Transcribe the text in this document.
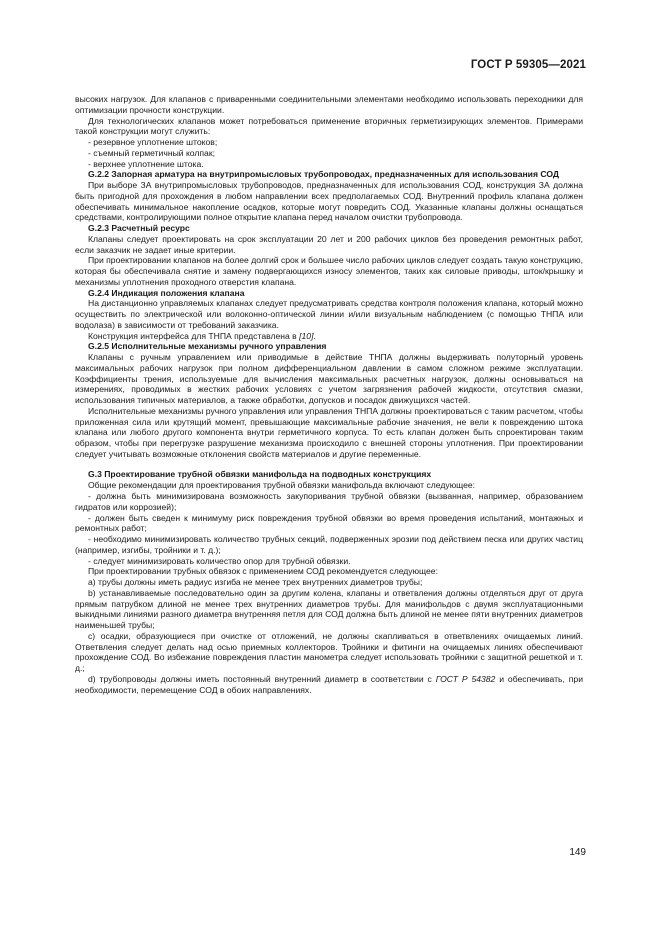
ГОСТ Р 59305—2021

высоких нагрузок. Для клапанов с приваренными соединительными элементами необходимо использовать переходники для оптимизации прочности конструкции.

Для технологических клапанов может потребоваться применение вторичных герметизирующих элементов. Примерами такой конструкции могут служить:

- резервное уплотнение штоков;

- съемный герметичный колпак;

- верхнее уплотнение штока.

G.2.2 Запорная арматура на внутрипромысловых трубопроводах, предназначенных для использования СОД

При выборе ЗА внутрипромысловых трубопроводов, предназначенных для использования СОД, конструкция ЗА должна быть пригодной для прохождения в любом направлении всех предполагаемых СОД. Внутренний профиль клапана должен обеспечивать минимальное накопление осадков, которые могут повредить СОД. Указанные клапаны должны оснащаться средствами, контролирующими полное открытие клапана перед началом очистки трубопровода.

G.2.3 Расчетный ресурс

Клапаны следует проектировать на срок эксплуатации 20 лет и 200 рабочих циклов без проведения ремонтных работ, если заказчик не задает иные критерии.

При проектировании клапанов на более долгий срок и большее число рабочих циклов следует создать такую конструкцию, которая бы обеспечивала снятие и замену подвергающихся износу элементов, таких как силовые приводы, шток/крышку и механизмы уплотнения проходного отверстия клапана.

G.2.4 Индикация положения клапана

На дистанционно управляемых клапанах следует предусматривать средства контроля положения клапана, который можно осуществить по электрической или волоконно-оптической линии и/или визуальным наблюдением (с помощью ТНПА или водолаза) в зависимости от требований заказчика.

Конструкция интерфейса для ТНПА представлена в [10].

G.2.5 Исполнительные механизмы ручного управления

Клапаны с ручным управлением или приводимые в действие ТНПА должны выдерживать полуторный уровень максимальных рабочих нагрузок при полном дифференциальном давлении в самом сложном режиме эксплуатации. Коэффициенты трения, используемые для вычисления максимальных расчетных нагрузок, должны основываться на измерениях, проводимых в жестких рабочих условиях с учетом загрязнения рабочей жидкости, отсутствия смазки, использования типичных материалов, а также обработки, допусков и посадок движущихся частей.

Исполнительные механизмы ручного управления или управления ТНПА должны проектироваться с таким расчетом, чтобы приложенная сила или крутящий момент, превышающие максимальные рабочие значения, не вели к повреждению штока клапана или любого другого компонента внутри герметичного корпуса. То есть клапан должен быть спроектирован таким образом, чтобы при перегрузке разрушение механизма происходило с внешней стороны уплотнения. При проектировании следует учитывать возможные отклонения свойств материалов и другие переменные.

G.3 Проектирование трубной обвязки манифольда на подводных конструкциях

Общие рекомендации для проектирования трубной обвязки манифольда включают следующее:

- должна быть минимизирована возможность закупоривания трубной обвязки (вызванная, например, образованием гидратов или коррозией);

- должен быть сведен к минимуму риск повреждения трубной обвязки во время проведения испытаний, монтажных и ремонтных работ;

- необходимо минимизировать количество трубных секций, подверженных эрозии под действием песка или других частиц (например, изгибы, тройники и т. д.);

- следует минимизировать количество опор для трубной обвязки.

При проектировании трубных обвязок с применением СОД рекомендуется следующее:

а) трубы должны иметь радиус изгиба не менее трех внутренних диаметров трубы;

b) устанавливаемые последовательно один за другим колена, клапаны и ответвления должны отделяться друг от друга прямым патрубком длиной не менее трех внутренних диаметров трубы. Для манифольдов с двумя эксплуатационными выкидными линиями разного диаметра внутренняя петля для СОД должна быть длиной не менее пяти внутренних диаметров наименьшей трубы;

c) осадки, образующиеся при очистке от отложений, не должны скапливаться в ответвлениях очищаемых линий. Ответвления следует делать над осью приемных коллекторов. Тройники и фитинги на очищаемых линиях обеспечивают прохождение СОД. Во избежание повреждения пластин манометра следует использовать тройники с защитной решеткой и т. д.;

d) трубопроводы должны иметь постоянный внутренний диаметр в соответствии с ГОСТ Р 54382 и обеспечивать, при необходимости, перемещение СОД в обоих направлениях.

149
